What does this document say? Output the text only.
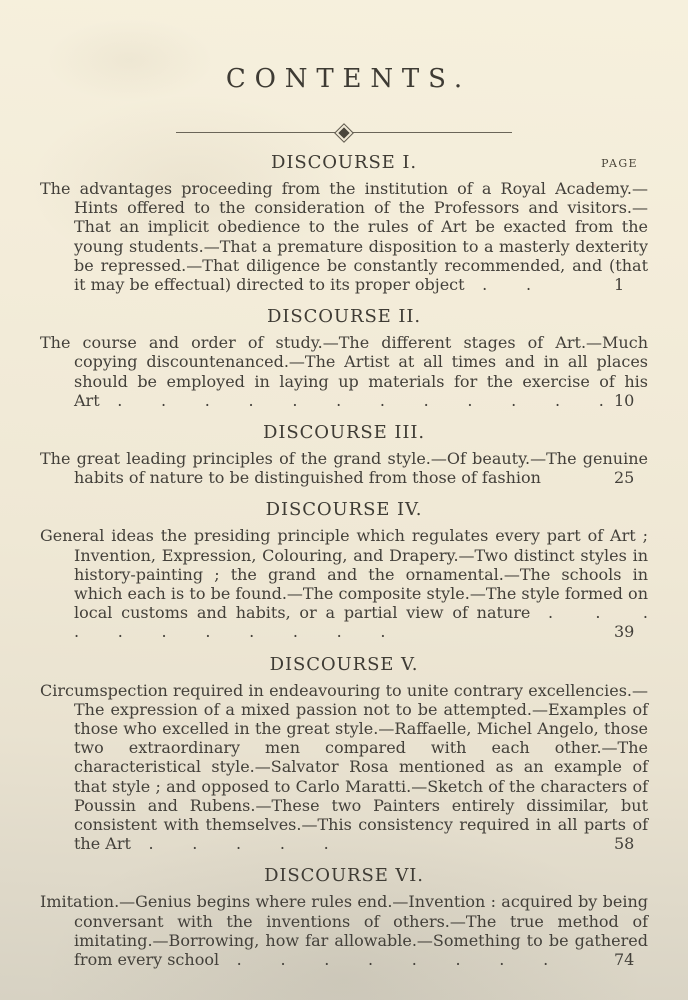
CONTENTS.
DISCOURSE I.	PAGE

The advantages proceeding from the institution of a Royal Academy.—Hints offered to the consideration of the Professors and visitors.—That an implicit obedience to the rules of Art be exacted from the young students.—That a premature disposition to a masterly dexterity be repressed.—That diligence be constantly recommended, and (that it may be effectual) directed to its proper object . .	1

DISCOURSE II.

The course and order of study.—The different stages of Art.—Much copying discountenanced.—The Artist at all times and in all places should be employed in laying up materials for the exercise of his Art . . . . . . . . . . . . 10

DISCOURSE III.

The great leading principles of the grand style.—Of beauty.—The genuine habits of nature to be distinguished from those of fashion	25

DISCOURSE IV.

General ideas the presiding principle which regulates every part of Art ; Invention, Expression, Colouring, and Drapery.—Two distinct styles in history-painting ; the grand and the ornamental.—The schools in which each is to be found.—The composite style.—The style formed on local customs and habits, or a partial view of nature . . . . . . . . . . .	39

DISCOURSE V.

Circumspection required in endeavouring to unite contrary excellencies.—The expression of a mixed passion not to be attempted.—Examples of those who excelled in the great style.—Raffaelle, Michel Angelo, those two extraordinary men compared with each other.—The characteristical style.—Salvator Rosa mentioned as an example of that style ; and opposed to Carlo Maratti.—Sketch of the characters of Poussin and Rubens.—These two Painters entirely dissimilar, but consistent with themselves.—This consistency required in all parts of the Art . . . . .	58

DISCOURSE VI.

Imitation.—Genius begins where rules end.—Invention : acquired by being conversant with the inventions of others.—The true method of imitating.—Borrowing, how far allowable.—Something to be gathered from every school . . . . . . . .	74
